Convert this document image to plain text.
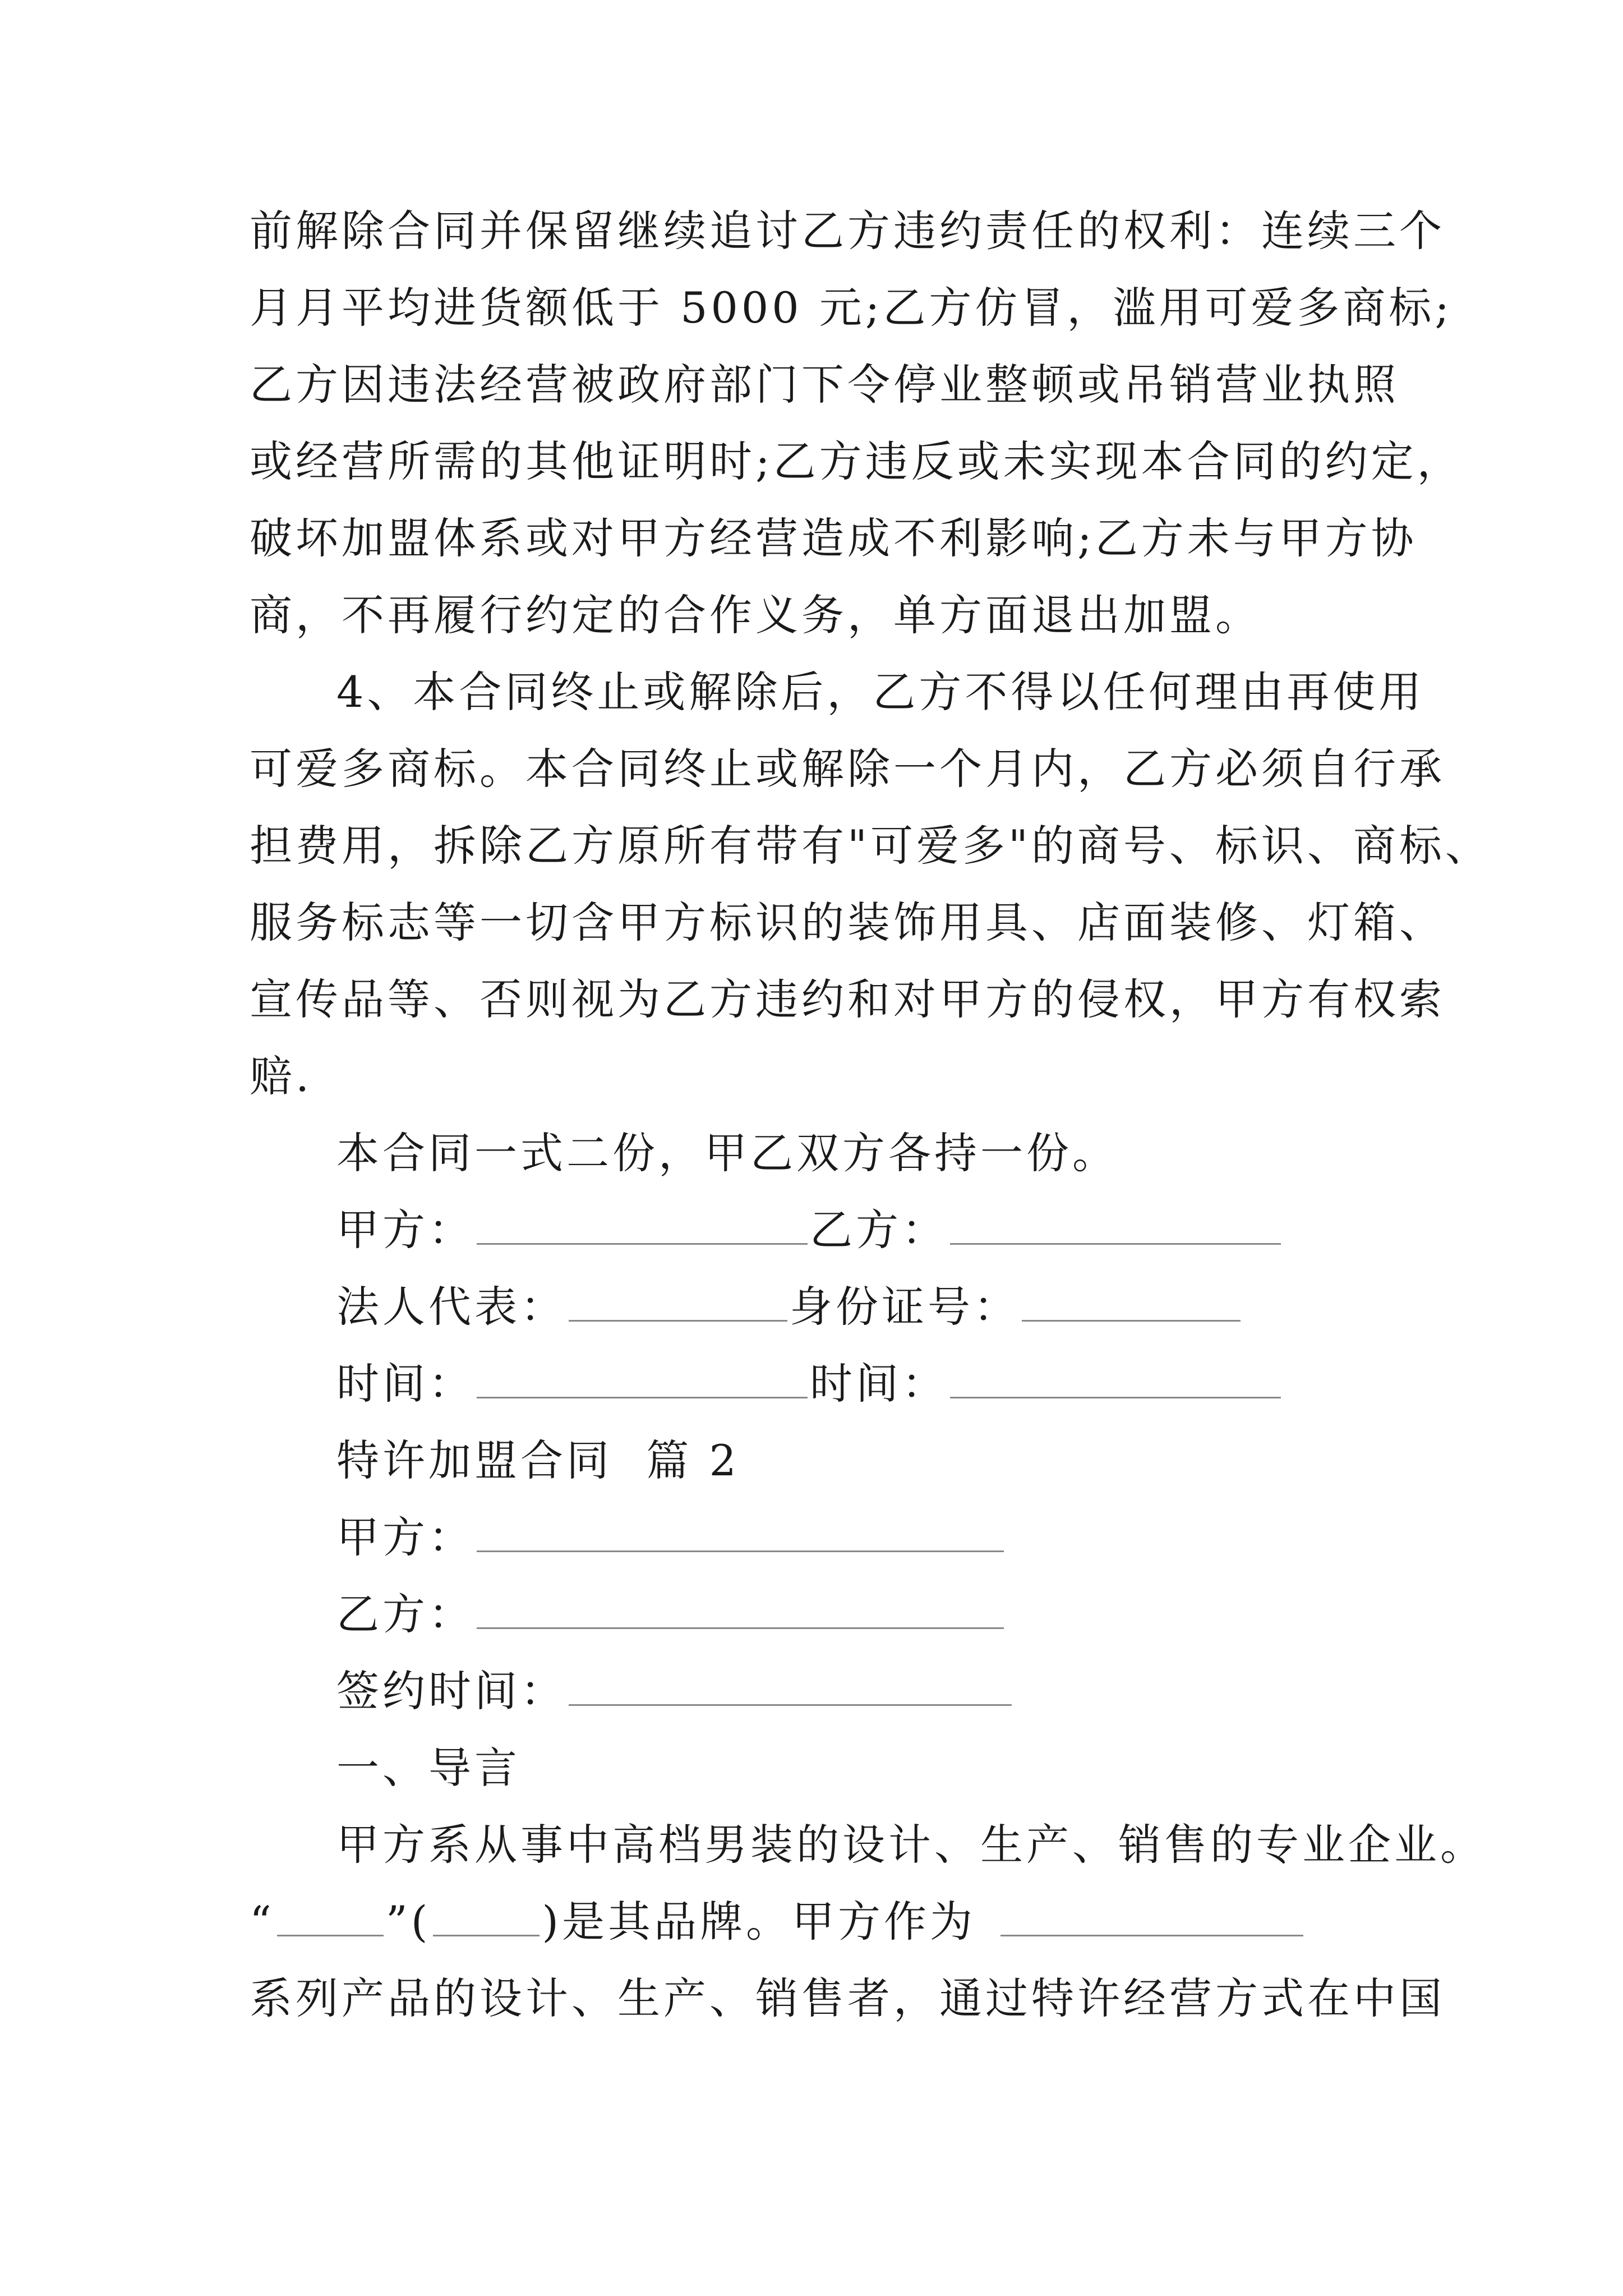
前解除合同并保留继续追讨乙方违约责任的权利：连续三个
月月平均进货额低于 5000 元;乙方仿冒，滥用可爱多商标;
乙方因违法经营被政府部门下令停业整顿或吊销营业执照
或经营所需的其他证明时;乙方违反或未实现本合同的约定，
破坏加盟体系或对甲方经营造成不利影响;乙方未与甲方协
商，不再履行约定的合作义务，单方面退出加盟。
4、本合同终止或解除后，乙方不得以任何理由再使用
可爱多商标。本合同终止或解除一个月内，乙方必须自行承
担费用，拆除乙方原所有带有"可爱多"的商号、标识、商标、
服务标志等一切含甲方标识的装饰用具、店面装修、灯箱、
宣传品等、否则视为乙方违约和对甲方的侵权，甲方有权索
赔.
本合同一式二份，甲乙双方各持一份。
甲方：	乙方：
法人代表：	身份证号：
时间：	时间：
特许加盟合同  篇 2
甲方：
乙方：
签约时间：
一、导言
甲方系从事中高档男装的设计、生产、销售的专业企业。
“	”(	)是其品牌。甲方作为
系列产品的设计、生产、销售者，通过特许经营方式在中国
